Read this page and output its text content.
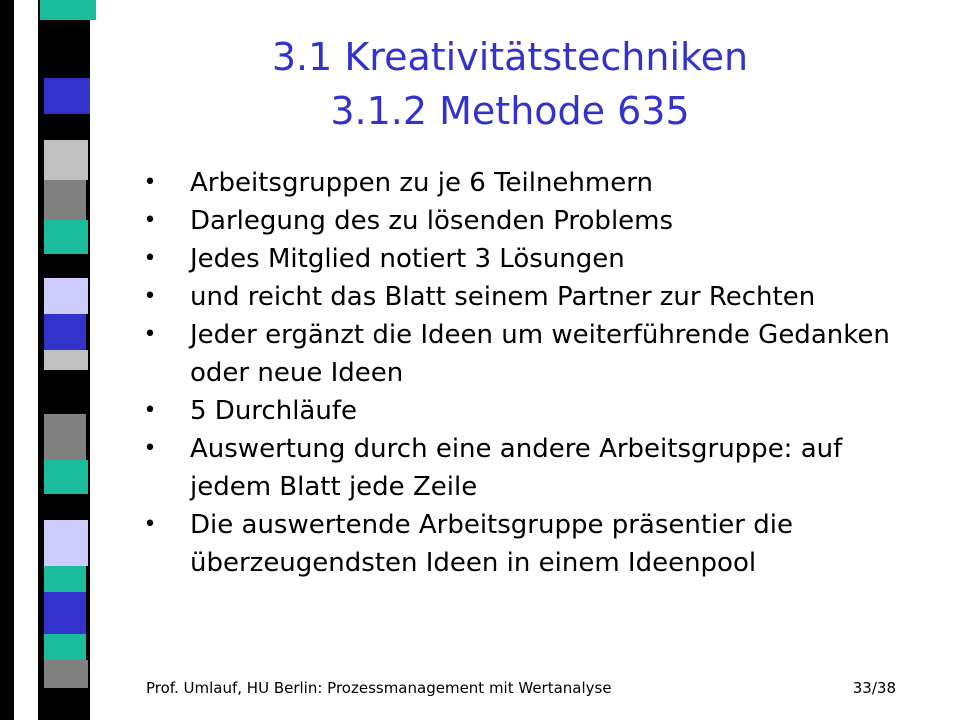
3.1 Kreativitätstechniken
3.1.2 Methode 635
• Arbeitsgruppen zu je 6 Teilnehmern
• Darlegung des zu lösenden Problems
• Jedes Mitglied notiert 3 Lösungen
• und reicht das Blatt seinem Partner zur Rechten
• Jeder ergänzt die Ideen um weiterführende Gedanken oder neue Ideen
• 5 Durchläufe
• Auswertung durch eine andere Arbeitsgruppe: auf jedem Blatt jede Zeile
• Die auswertende Arbeitsgruppe präsentier die überzeugendsten Ideen in einem Ideenpool
Prof. Umlauf, HU Berlin: Prozessmanagement mit Wertanalyse	33/38
